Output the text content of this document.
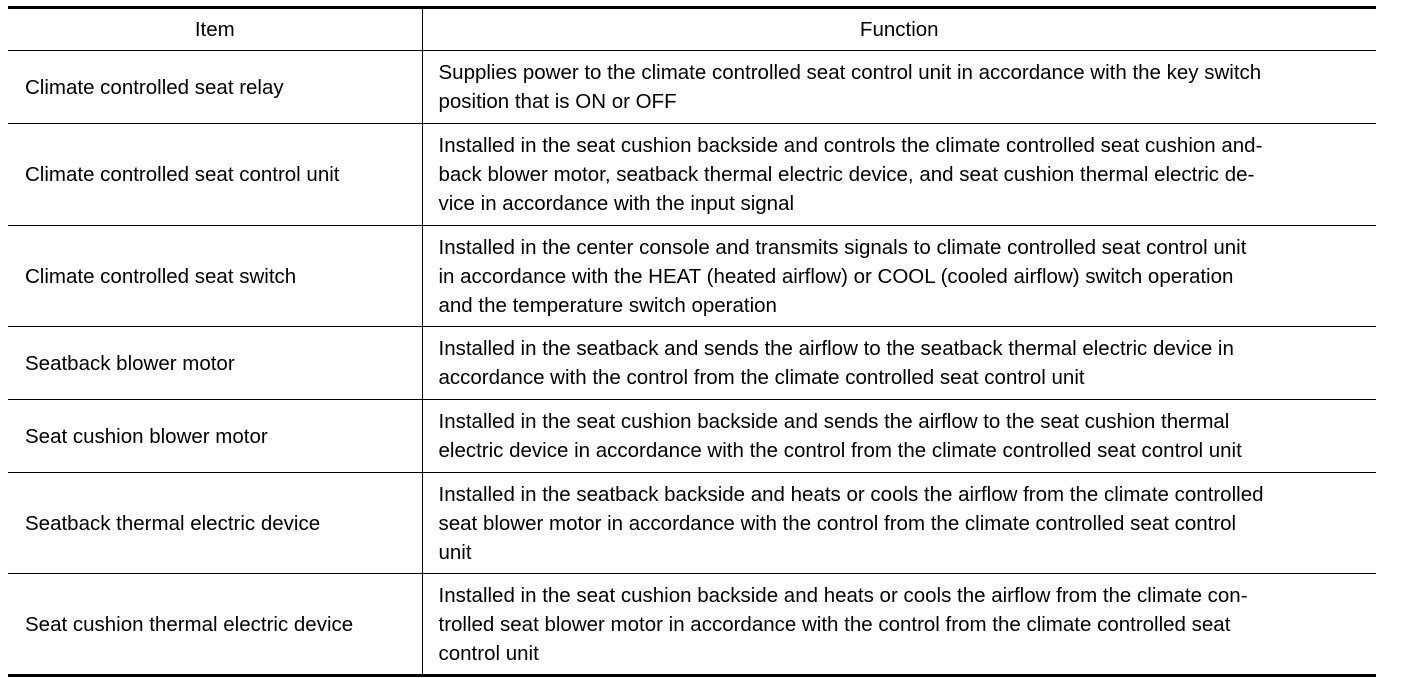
Item	Function
Climate controlled seat relay	Supplies power to the climate controlled seat control unit in accordance with the key switch
position that is ON or OFF

Climate controlled seat control unit	Installed in the seat cushion backside and controls the climate controlled seat cushion and-
back blower motor, seatback thermal electric device, and seat cushion thermal electric de-
vice in accordance with the input signal

Climate controlled seat switch	Installed in the center console and transmits signals to climate controlled seat control unit
in accordance with the HEAT (heated airflow) or COOL (cooled airflow) switch operation
and the temperature switch operation

Seatback blower motor	Installed in the seatback and sends the airflow to the seatback thermal electric device in
accordance with the control from the climate controlled seat control unit

Seat cushion blower motor	Installed in the seat cushion backside and sends the airflow to the seat cushion thermal
electric device in accordance with the control from the climate controlled seat control unit

Seatback thermal electric device	Installed in the seatback backside and heats or cools the airflow from the climate controlled
seat blower motor in accordance with the control from the climate controlled seat control
unit

Seat cushion thermal electric device	Installed in the seat cushion backside and heats or cools the airflow from the climate con-
trolled seat blower motor in accordance with the control from the climate controlled seat
control unit
